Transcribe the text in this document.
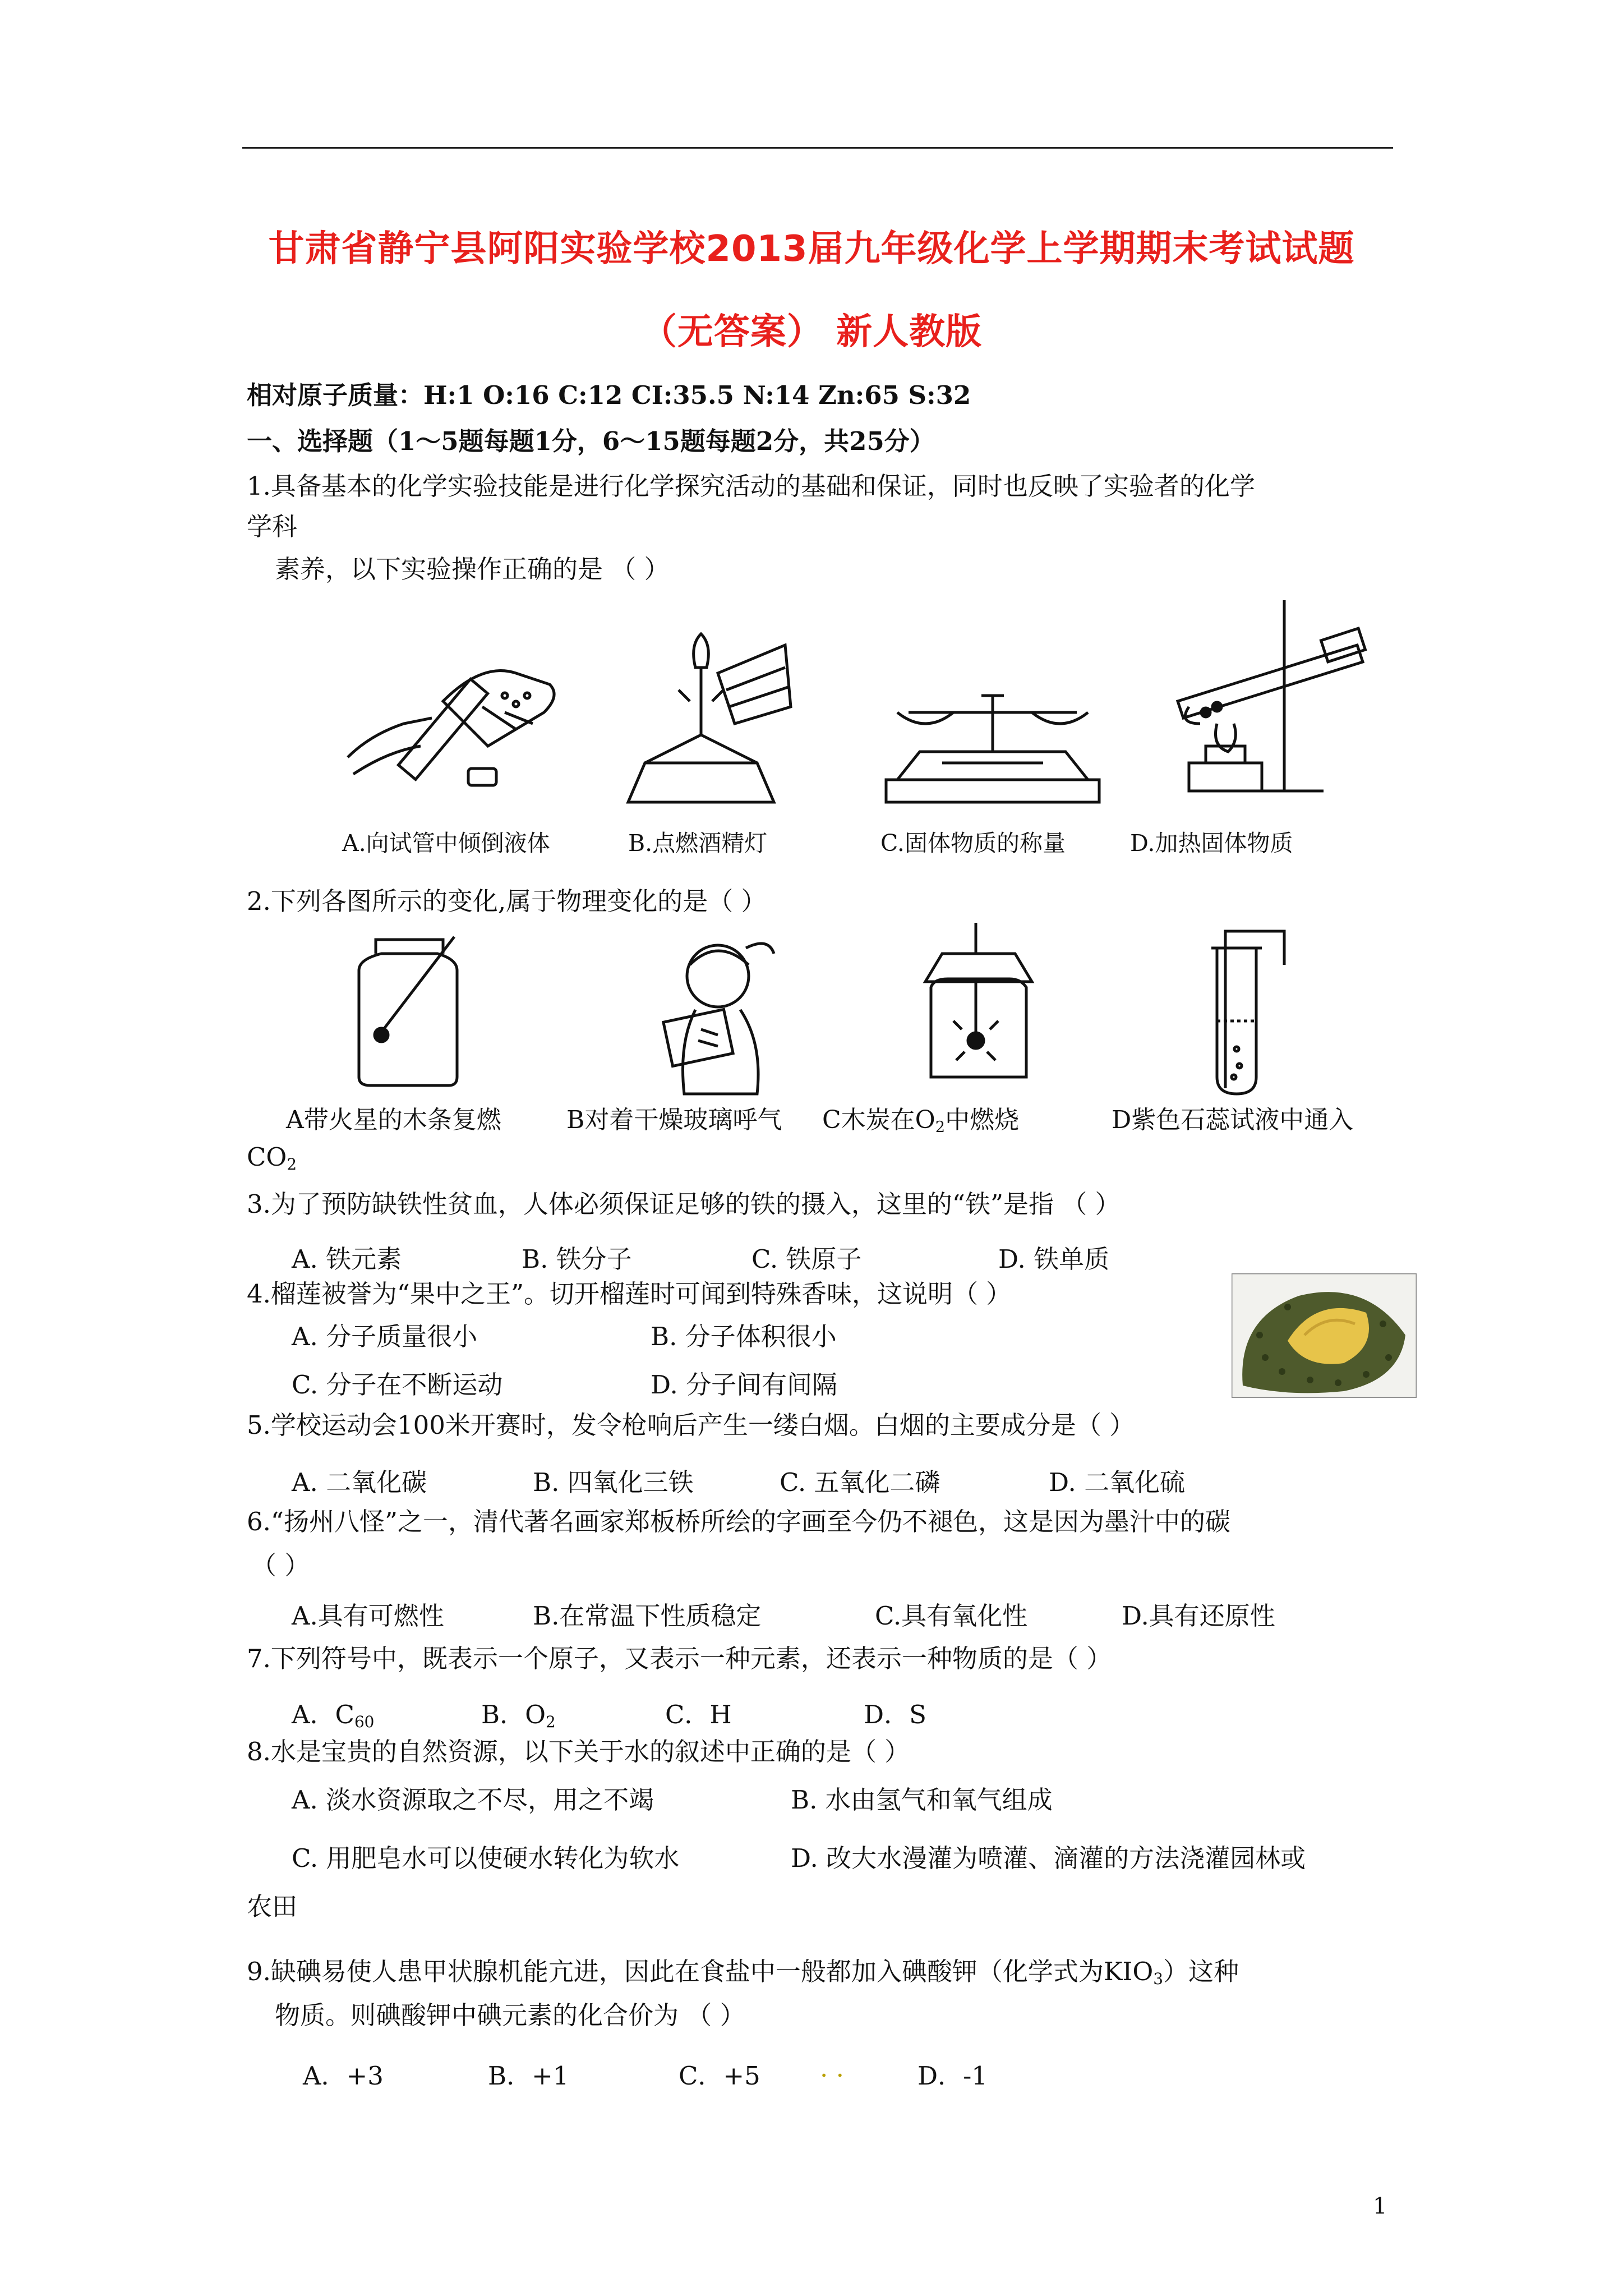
甘肃省静宁县阿阳实验学校2013届九年级化学上学期期末考试试题
（无答案） 新人教版
相对原子质量：H:1 O:16 C:12 CI:35.5 N:14 Zn:65 S:32
一、选择题（1～5题每题1分，6～15题每题2分，共25分）
1.具备基本的化学实验技能是进行化学探究活动的基础和保证，同时也反映了实验者的化学
学科
素养，以下实验操作正确的是 （ ）
A.向试管中倾倒液体	B.点燃酒精灯	C.固体物质的称量	D.加热固体物质
2.下列各图所示的变化,属于物理变化的是（ ）
A带火星的木条复燃	B对着干燥玻璃呼气 C木炭在$O_2$中燃烧	D紫色石蕊试液中通入
$CO_2$
3.为了预防缺铁性贫血，人体必须保证足够的铁的摄入，这里的“铁”是指 （ ）
A. 铁元素	B. 铁分子	C. 铁原子	D. 铁单质
4.榴莲被誉为“果中之王”。切开榴莲时可闻到特殊香味，这说明（ ）
A. 分子质量很小	B. 分子体积很小
C. 分子在不断运动	D. 分子间有间隔
5.学校运动会100米开赛时，发令枪响后产生一缕白烟。白烟的主要成分是（ ）
A. 二氧化碳	B. 四氧化三铁	C. 五氧化二磷	D. 二氧化硫
6.“扬州八怪”之一，清代著名画家郑板桥所绘的字画至今仍不褪色，这是因为墨汁中的碳
（ ）
A.具有可燃性	B.在常温下性质稳定	C.具有氧化性	D.具有还原性
7.下列符号中，既表示一个原子，又表示一种元素，还表示一种物质的是（ ）
A．$C_{60}$	B．$O_2$	C．H	D．S
8.水是宝贵的自然资源，以下关于水的叙述中正确的是（ ）
A. 淡水资源取之不尽，用之不竭	B. 水由氢气和氧气组成
C. 用肥皂水可以使硬水转化为软水	D. 改大水漫灌为喷灌、滴灌的方法浇灌园林或
农田
9.缺碘易使人患甲状腺机能亢进，因此在食盐中一般都加入碘酸钾（化学式为$KIO_3$）这种
物质。则碘酸钾中碘元素的化合价为 （ ）
A．+3	B．+1	C．+5 . .	D．-1
1
